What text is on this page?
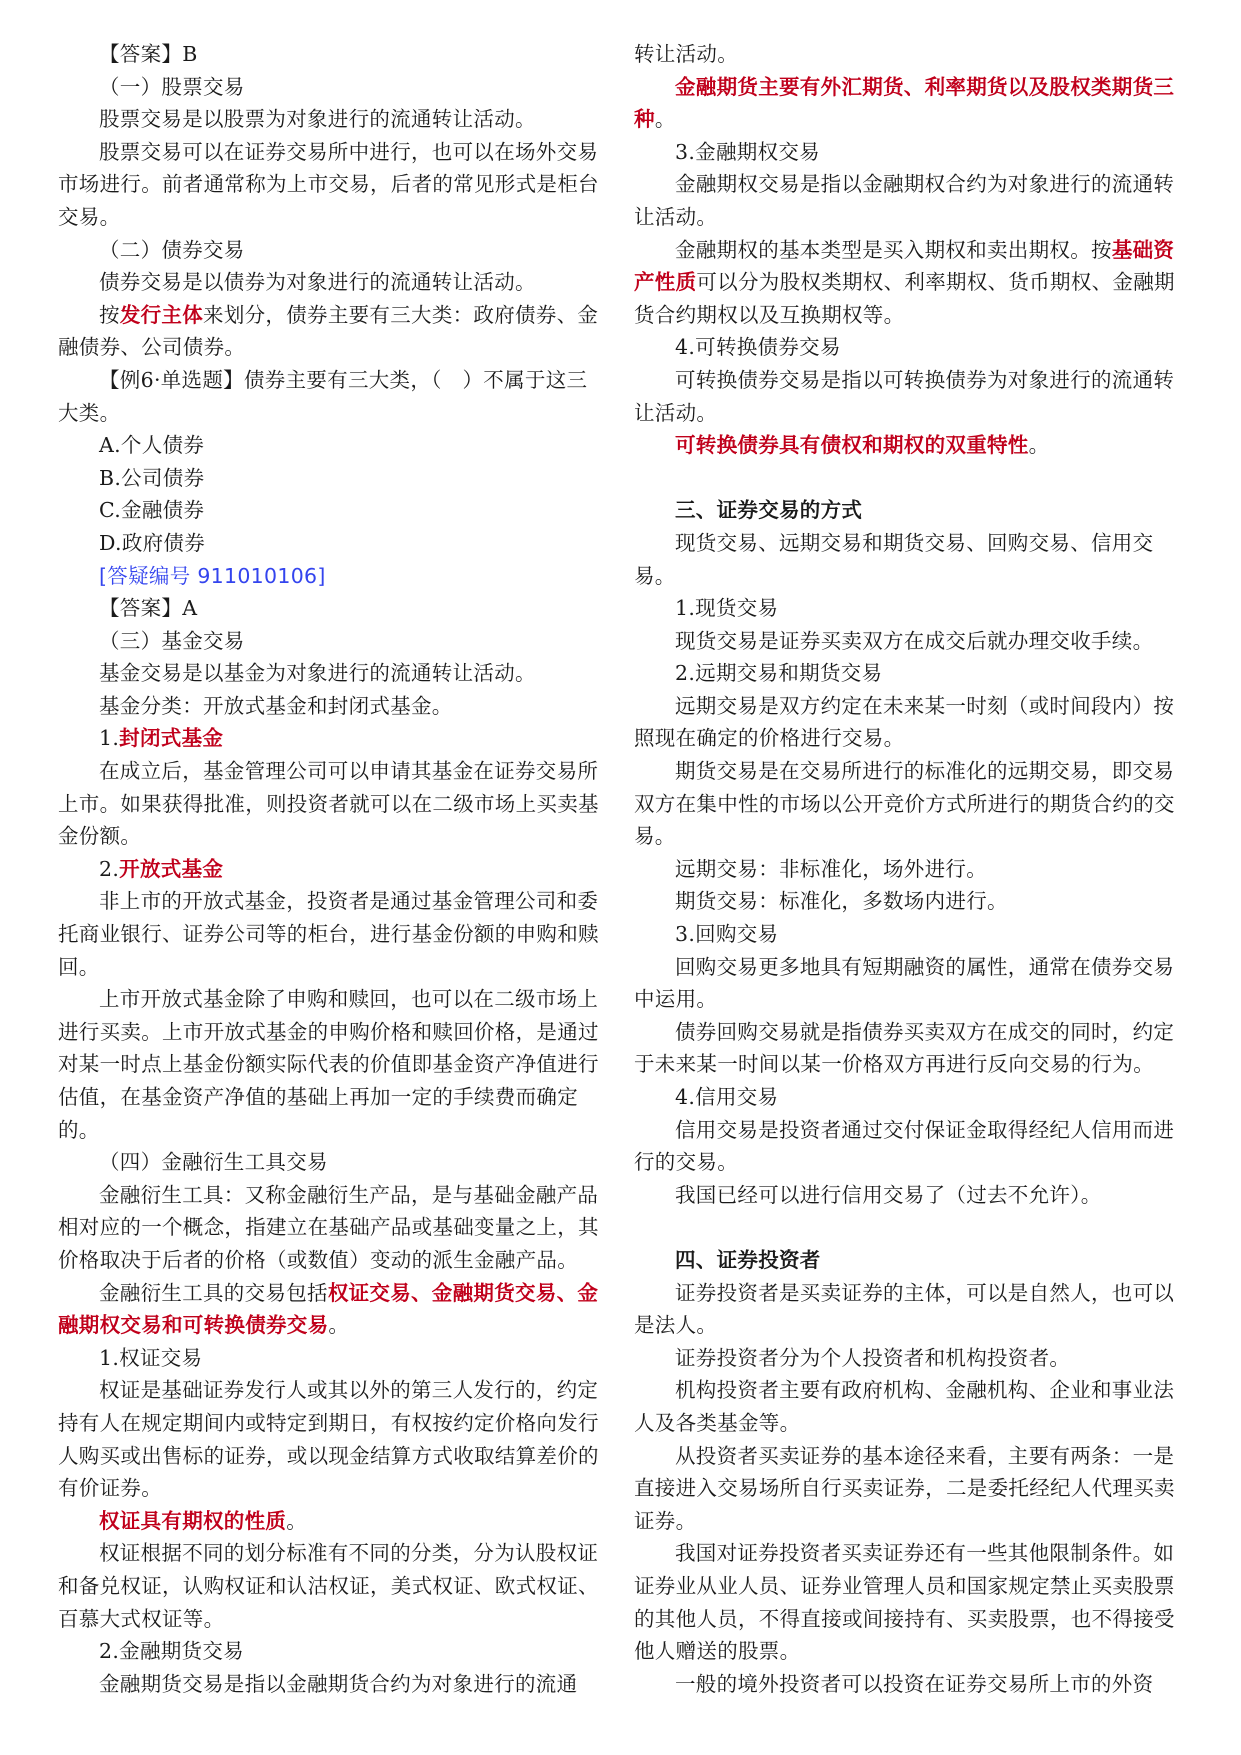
【答案】B

（一）股票交易

股票交易是以股票为对象进行的流通转让活动。

股票交易可以在证券交易所中进行，也可以在场外交易市场进行。前者通常称为上市交易，后者的常见形式是柜台交易。

（二）债券交易

债券交易是以债券为对象进行的流通转让活动。

按发行主体来划分，债券主要有三大类：政府债券、金融债券、公司债券。

【例6·单选题】债券主要有三大类，（　）不属于这三大类。

A.个人债券

B.公司债券

C.金融债券

D.政府债券

[答疑编号 911010106]

【答案】A

（三）基金交易

基金交易是以基金为对象进行的流通转让活动。

基金分类：开放式基金和封闭式基金。

1.封闭式基金

在成立后，基金管理公司可以申请其基金在证券交易所上市。如果获得批准，则投资者就可以在二级市场上买卖基金份额。

2.开放式基金

非上市的开放式基金，投资者是通过基金管理公司和委托商业银行、证券公司等的柜台，进行基金份额的申购和赎回。

上市开放式基金除了申购和赎回，也可以在二级市场上进行买卖。上市开放式基金的申购价格和赎回价格，是通过对某一时点上基金份额实际代表的价值即基金资产净值进行估值，在基金资产净值的基础上再加一定的手续费而确定的。

（四）金融衍生工具交易

金融衍生工具：又称金融衍生产品，是与基础金融产品相对应的一个概念，指建立在基础产品或基础变量之上，其价格取决于后者的价格（或数值）变动的派生金融产品。

金融衍生工具的交易包括权证交易、金融期货交易、金融期权交易和可转换债券交易。

1.权证交易

权证是基础证券发行人或其以外的第三人发行的，约定持有人在规定期间内或特定到期日，有权按约定价格向发行人购买或出售标的证券，或以现金结算方式收取结算差价的有价证券。

权证具有期权的性质。

权证根据不同的划分标准有不同的分类，分为认股权证和备兑权证，认购权证和认沽权证，美式权证、欧式权证、百慕大式权证等。

2.金融期货交易

金融期货交易是指以金融期货合约为对象进行的流通

转让活动。

金融期货主要有外汇期货、利率期货以及股权类期货三种。

3.金融期权交易

金融期权交易是指以金融期权合约为对象进行的流通转让活动。

金融期权的基本类型是买入期权和卖出期权。按基础资产性质可以分为股权类期权、利率期权、货币期权、金融期货合约期权以及互换期权等。

4.可转换债券交易

可转换债券交易是指以可转换债券为对象进行的流通转让活动。

可转换债券具有债权和期权的双重特性。

三、证券交易的方式

现货交易、远期交易和期货交易、回购交易、信用交易。

1.现货交易

现货交易是证券买卖双方在成交后就办理交收手续。

2.远期交易和期货交易

远期交易是双方约定在未来某一时刻（或时间段内）按照现在确定的价格进行交易。

期货交易是在交易所进行的标准化的远期交易，即交易双方在集中性的市场以公开竞价方式所进行的期货合约的交易。

远期交易：非标准化，场外进行。

期货交易：标准化，多数场内进行。

3.回购交易

回购交易更多地具有短期融资的属性，通常在债券交易中运用。

债券回购交易就是指债券买卖双方在成交的同时，约定于未来某一时间以某一价格双方再进行反向交易的行为。

4.信用交易

信用交易是投资者通过交付保证金取得经纪人信用而进行的交易。

我国已经可以进行信用交易了（过去不允许）。

四、证券投资者

证券投资者是买卖证券的主体，可以是自然人，也可以是法人。

证券投资者分为个人投资者和机构投资者。

机构投资者主要有政府机构、金融机构、企业和事业法人及各类基金等。

从投资者买卖证券的基本途径来看，主要有两条：一是直接进入交易场所自行买卖证券，二是委托经纪人代理买卖证券。

我国对证券投资者买卖证券还有一些其他限制条件。如证券业从业人员、证券业管理人员和国家规定禁止买卖股票的其他人员，不得直接或间接持有、买卖股票，也不得接受他人赠送的股票。

一般的境外投资者可以投资在证券交易所上市的外资
